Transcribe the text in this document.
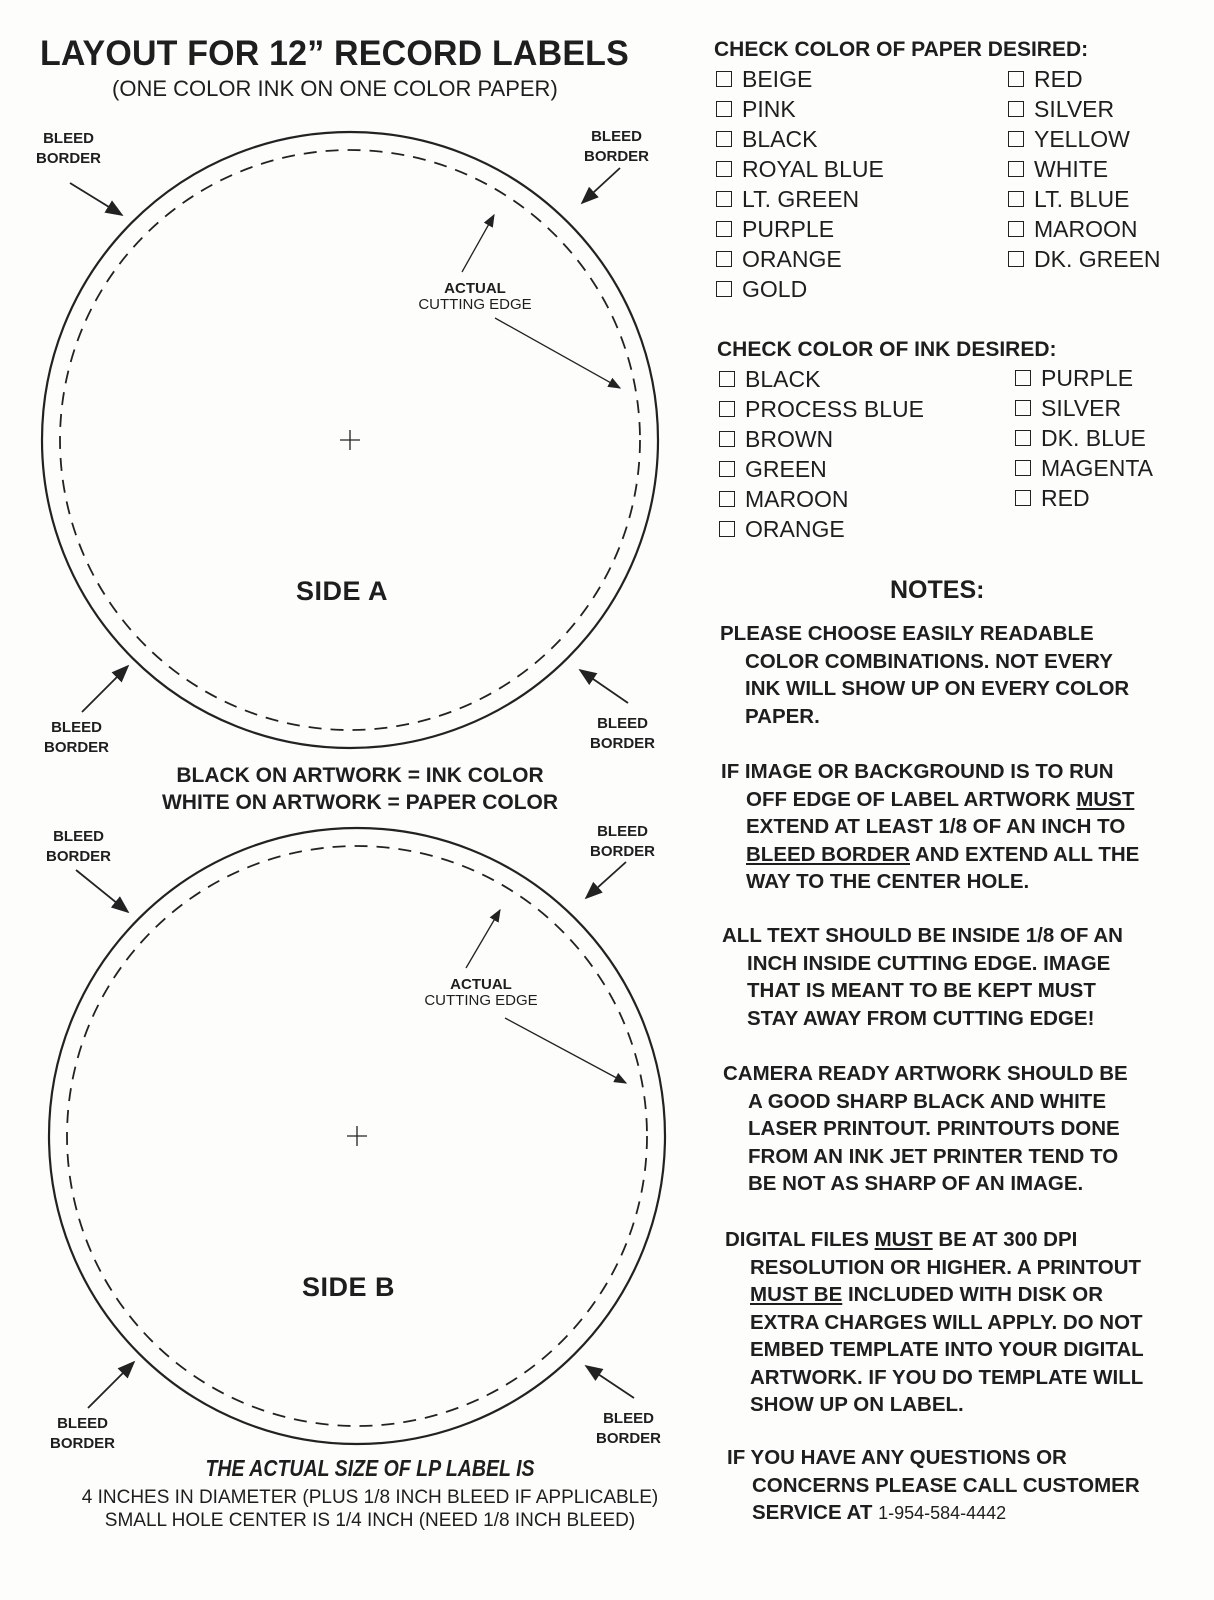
LAYOUT FOR 12” RECORD LABELS
(ONE COLOR INK ON ONE COLOR PAPER)
BLEED
BORDER
BLEED
BORDER
BLEED
BORDER
BLEED
BORDER
BLEED
BORDER
BLEED
BORDER
BLEED
BORDER
BLEED
BORDER
ACTUAL
CUTTING EDGE
ACTUAL
CUTTING EDGE
SIDE A
SIDE B
BLACK ON ARTWORK = INK COLOR
WHITE ON ARTWORK = PAPER COLOR
THE ACTUAL SIZE OF LP LABEL IS
4 INCHES IN DIAMETER (PLUS 1/8 INCH BLEED IF APPLICABLE)
SMALL HOLE CENTER IS 1/4 INCH (NEED 1/8 INCH BLEED)
CHECK COLOR OF PAPER DESIRED:
BEIGE
PINK
BLACK
ROYAL BLUE
LT. GREEN
PURPLE
ORANGE
GOLD
RED
SILVER
YELLOW
WHITE
LT. BLUE
MAROON
DK. GREEN
CHECK COLOR OF INK DESIRED:
BLACK
PROCESS BLUE
BROWN
GREEN
MAROON
ORANGE
PURPLE
SILVER
DK. BLUE
MAGENTA
RED
NOTES:
PLEASE CHOOSE EASILY READABLE
COLOR COMBINATIONS. NOT EVERY
INK WILL SHOW UP ON EVERY COLOR
PAPER.
IF IMAGE OR BACKGROUND IS TO RUN
OFF EDGE OF LABEL ARTWORK MUST
EXTEND AT LEAST 1/8 OF AN INCH TO
BLEED BORDER AND EXTEND ALL THE
WAY TO THE CENTER HOLE.
ALL TEXT SHOULD BE INSIDE 1/8 OF AN
INCH INSIDE CUTTING EDGE. IMAGE
THAT IS MEANT TO BE KEPT MUST
STAY AWAY FROM CUTTING EDGE!
CAMERA READY ARTWORK SHOULD BE
A GOOD SHARP BLACK AND WHITE
LASER PRINTOUT. PRINTOUTS DONE
FROM AN INK JET PRINTER TEND TO
BE NOT AS SHARP OF AN IMAGE.
DIGITAL FILES MUST BE AT 300 DPI
RESOLUTION OR HIGHER. A PRINTOUT
MUST BE INCLUDED WITH DISK OR
EXTRA CHARGES WILL APPLY. DO NOT
EMBED TEMPLATE INTO YOUR DIGITAL
ARTWORK. IF YOU DO TEMPLATE WILL
SHOW UP ON LABEL.
IF YOU HAVE ANY QUESTIONS OR
CONCERNS PLEASE CALL CUSTOMER
SERVICE AT 1-954-584-4442
